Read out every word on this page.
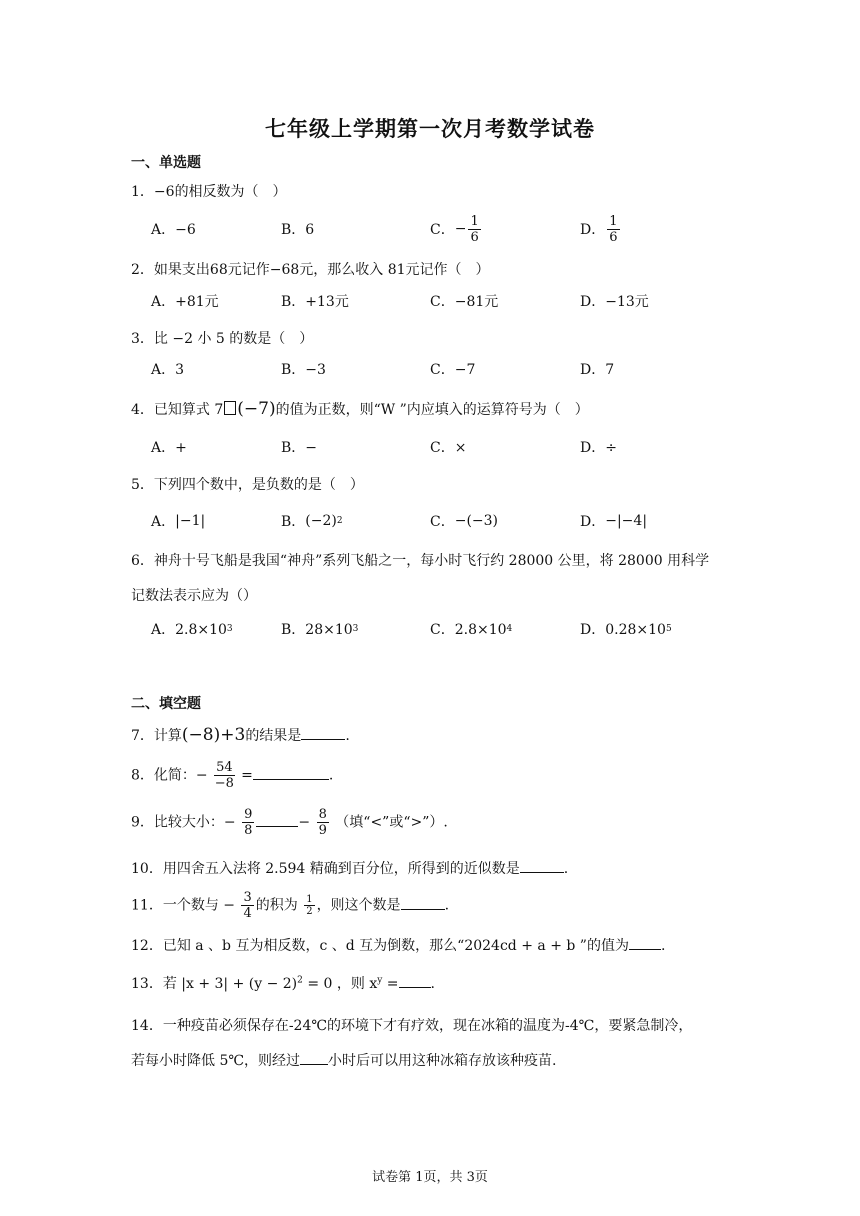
七年级上学期第一次月考数学试卷
一、单选题
1．−6的相反数为（　）
A．−6	B．6	C． − $\frac{1}{6}$	D． $\frac{1}{6}$
2．如果支出68元记作−68元，那么收入 81元记作（　）
A．+81元	B．+13元	C．−81元	D．−13元
3．比 −2 小 5 的数是（　）
A．3	B．−3	C．−7	D．7
4．已知算式 7 (−7)的值为正数，则“W ”内应填入的运算符号为（　）
A．+	B．−	C．×	D．÷
5．下列四个数中，是负数的是（　）
A． |−1|	B． (−2) 2	C． −(−3)	D． −|−4|
6．神舟十号飞船是我国“神舟”系列飞船之一，每小时飞行约 28000 公里，将 28000 用科学
记数法表示应为（）
A．2.8×10 3	B．28×10 3	C．2.8×10 4	D．0.28×10 5
二、填空题
7．计算(−8)+3的结果是	.
8．化简：− $\frac{54}{-8}$ =	.
9．比较大小：− $\frac{9}{8}$	− $\frac{8}{9}$ （填“<”或“>”）.
10．用四舍五入法将 2.594 精确到百分位，所得到的近似数是	.
11．一个数与 − $\frac{3}{4}$ 的积为 $\frac{1}{2}$ ，则这个数是	.
12．已知 a 、b 互为相反数，c 、d 互为倒数，那么“2024cd + a + b ”的值为 .
13．若 $|x + 3| + (y - 2)^2 = 0$ ，则 $x^y$ = .
14．一种疫苗必须保存在-24℃的环境下才有疗效，现在冰箱的温度为-4℃，要紧急制冷，
若每小时降低 5℃，则经过 小时后可以用这种冰箱存放该种疫苗.
试卷第 1页，共 3页
